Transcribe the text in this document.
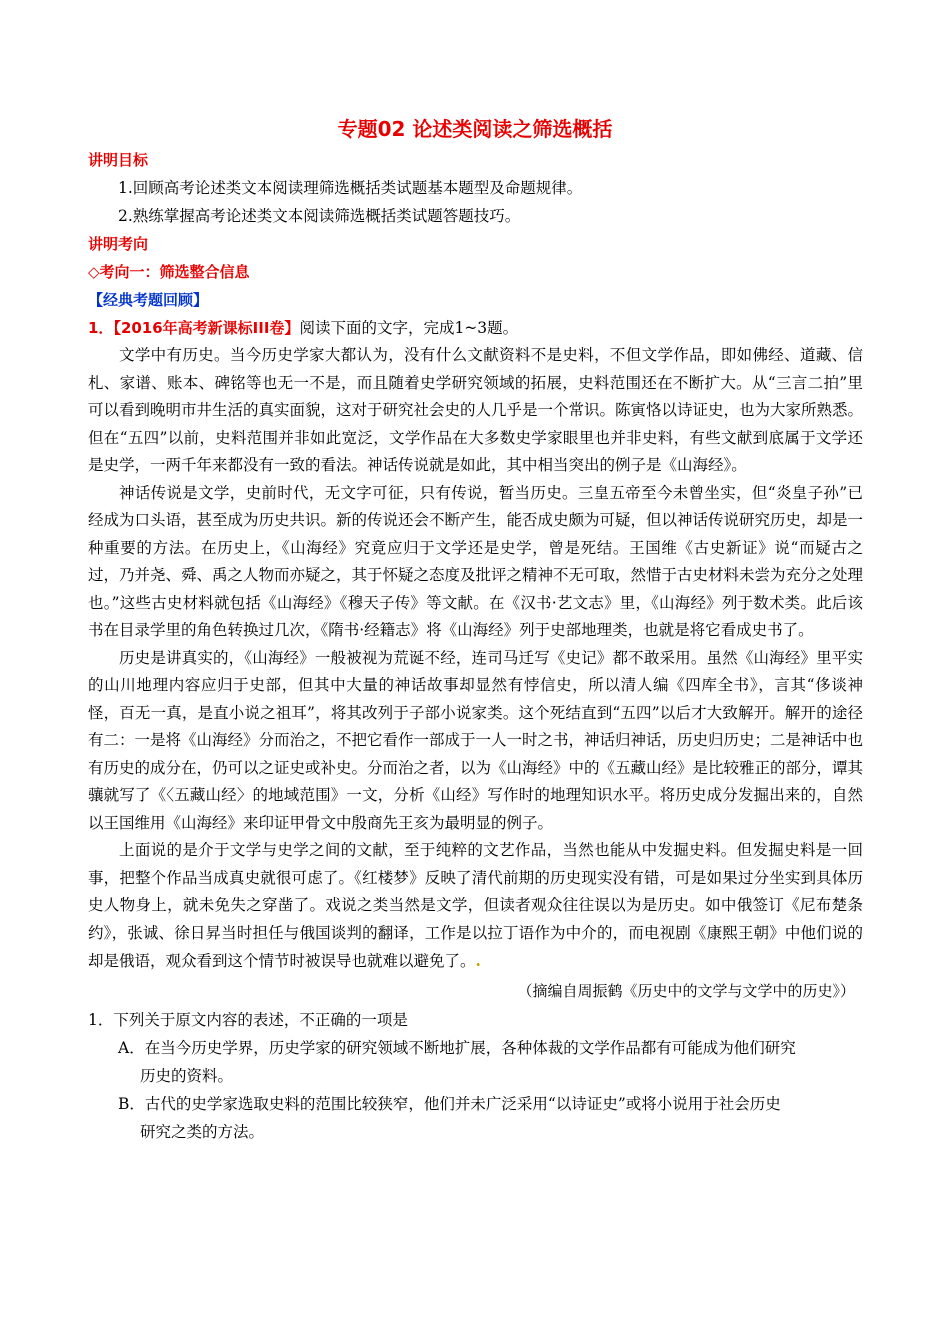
专题02 论述类阅读之筛选概括

讲明目标

1.回顾高考论述类文本阅读理筛选概括类试题基本题型及命题规律。

2.熟练掌握高考论述类文本阅读筛选概括类试题答题技巧。

讲明考向

◇考向一：筛选整合信息

【经典考题回顾】

1．【2016年高考新课标III卷】阅读下面的文字，完成1~3题。

文学中有历史。当今历史学家大都认为，没有什么文献资料不是史料，不但文学作品，即如佛经、道藏、信札、家谱、账本、碑铭等也无一不是，而且随着史学研究领域的拓展，史料范围还在不断扩大。从“三言二拍”里可以看到晚明市井生活的真实面貌，这对于研究社会史的人几乎是一个常识。陈寅恪以诗证史，也为大家所熟悉。但在“五四”以前，史料范围并非如此宽泛，文学作品在大多数史学家眼里也并非史料，有些文献到底属于文学还是史学，一两千年来都没有一致的看法。神话传说就是如此，其中相当突出的例子是《山海经》。

神话传说是文学，史前时代，无文字可征，只有传说，暂当历史。三皇五帝至今未曾坐实，但“炎皇子孙”已经成为口头语，甚至成为历史共识。新的传说还会不断产生，能否成史颇为可疑，但以神话传说研究历史，却是一种重要的方法。在历史上，《山海经》究竟应归于文学还是史学，曾是死结。王国维《古史新证》说“而疑古之过，乃并尧、舜、禹之人物而亦疑之，其于怀疑之态度及批评之精神不无可取，然惜于古史材料未尝为充分之处理也。”这些古史材料就包括《山海经》《穆天子传》等文献。在《汉书·艺文志》里，《山海经》列于数术类。此后该书在目录学里的角色转换过几次，《隋书·经籍志》将《山海经》列于史部地理类，也就是将它看成史书了。

历史是讲真实的，《山海经》一般被视为荒诞不经，连司马迁写《史记》都不敢采用。虽然《山海经》里平实的山川地理内容应归于史部，但其中大量的神话故事却显然有悖信史，所以清人编《四库全书》，言其“侈谈神怪，百无一真，是直小说之祖耳”，将其改列于子部小说家类。这个死结直到“五四”以后才大致解开。解开的途径有二：一是将《山海经》分而治之，不把它看作一部成于一人一时之书，神话归神话，历史归历史；二是神话中也有历史的成分在，仍可以之证史或补史。分而治之者，以为《山海经》中的《五藏山经》是比较雅正的部分，谭其骧就写了《〈五藏山经〉的地域范围》一文，分析《山经》写作时的地理知识水平。将历史成分发掘出来的，自然以王国维用《山海经》来印证甲骨文中殷商先王亥为最明显的例子。

上面说的是介于文学与史学之间的文献，至于纯粹的文艺作品，当然也能从中发掘史料。但发掘史料是一回事，把整个作品当成真史就很可虑了。《红楼梦》反映了清代前期的历史现实没有错，可是如果过分坐实到具体历史人物身上，就未免失之穿凿了。戏说之类当然是文学，但读者观众往往误以为是历史。如中俄签订《尼布楚条约》，张诚、徐日昇当时担任与俄国谈判的翻译，工作是以拉丁语作为中介的，而电视剧《康熙王朝》中他们说的却是俄语，观众看到这个情节时被误导也就难以避免了。.

（摘编自周振鹤《历史中的文学与文学中的历史》）

1．下列关于原文内容的表述，不正确的一项是

A．在当今历史学界，历史学家的研究领域不断地扩展，各种体裁的文学作品都有可能成为他们研究

历史的资料。

B．古代的史学家选取史料的范围比较狭窄，他们并未广泛采用“以诗证史”或将小说用于社会历史

研究之类的方法。
